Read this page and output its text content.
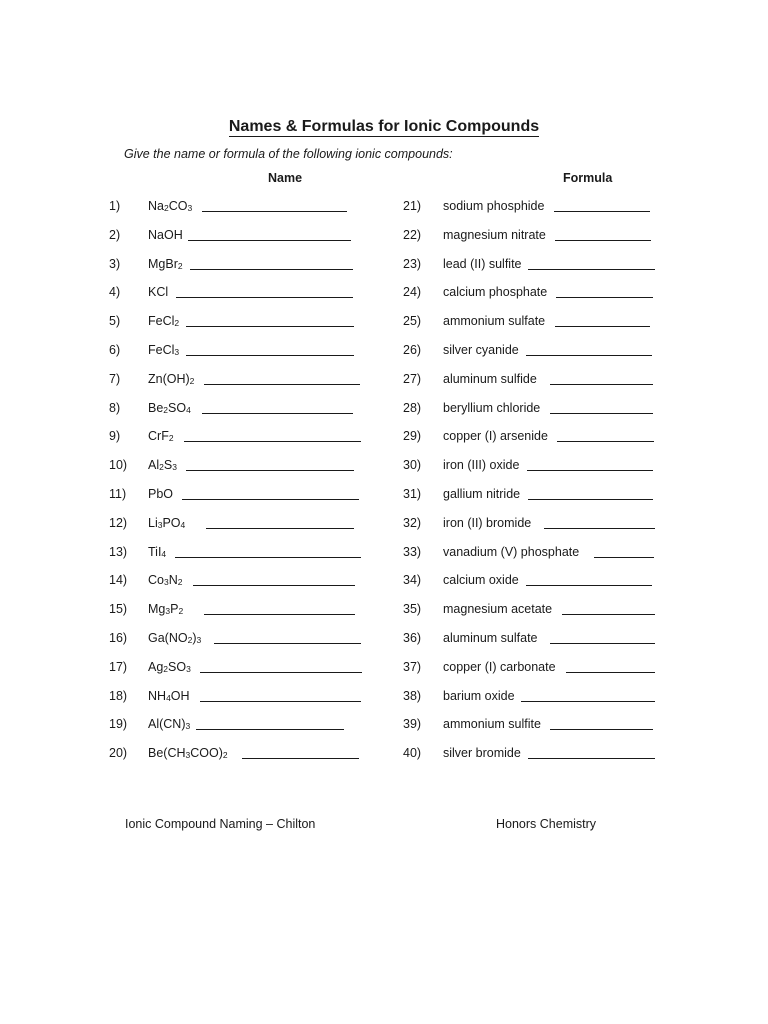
Names & Formulas for Ionic Compounds
Give the name or formula of the following ionic compounds:
Name	Formula
1) $Na_2CO_3$
2) NaOH
3) MgBr$_2$
4) KCl
5) FeCl$_2$
6) FeCl$_3$
7) $Zn(OH)_2$
8) $Be_2SO_4$
9) CrF$_2$
10) $Al_2S_3$
11) PbO
12) $Li_3PO_4$
13) TiI$_4$
14) $Co_3N_2$
15) $Mg_3P_2$
16) $Ga(NO_2)_3$
17) $Ag_2SO_3$
18) $NH_4OH$
19) $Al(CN)_3$
20) $Be(CH_3COO)_2$
21) sodium phosphide
22) magnesium nitrate
23) lead (II) sulfite
24) calcium phosphate
25) ammonium sulfate
26) silver cyanide
27) aluminum sulfide
28) beryllium chloride
29) copper (I) arsenide
30) iron (III) oxide
31) gallium nitride
32) iron (II) bromide
33) vanadium (V) phosphate
34) calcium oxide
35) magnesium acetate
36) aluminum sulfate
37) copper (I) carbonate
38) barium oxide
39) ammonium sulfite
40) silver bromide
Ionic Compound Naming – Chilton	Honors Chemistry
